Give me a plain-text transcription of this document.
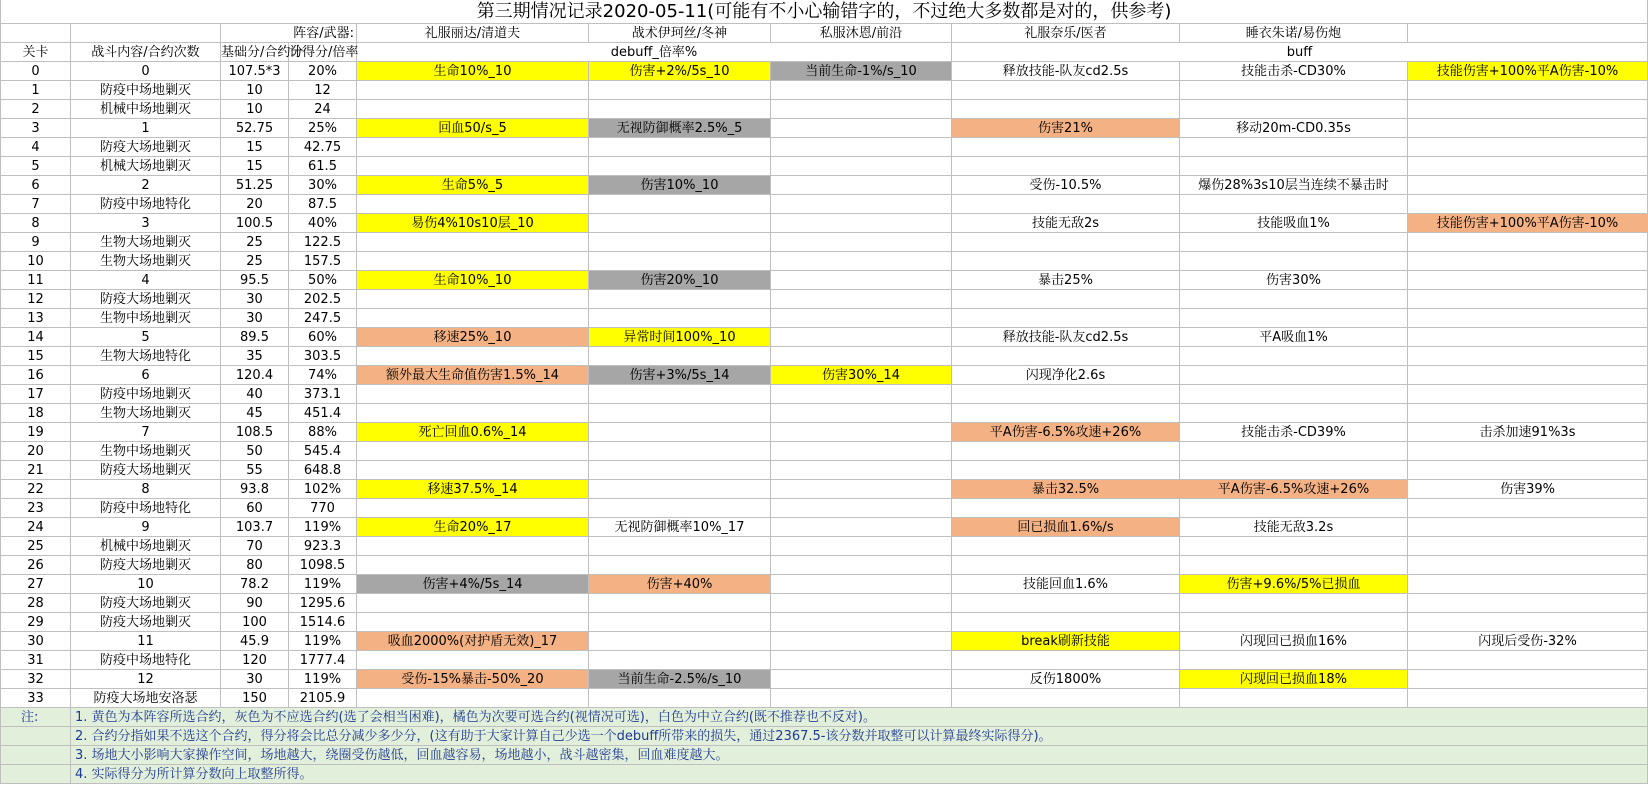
第三期情况记录2020-05-11(可能有不小心输错字的，不过绝大多数都是对的，供参考)									
		阵容/武器:		礼服丽达/清道夫	战术伊珂丝/冬神	私服沐恩/前沿	礼服奈乐/医者	睡衣朱诺/易伤炮	
关卡	战斗内容/合约次数	基础分/合约分	计得分/倍率	debuff_倍率%			buff		
0	0	107.5*3	20%	生命10%_10	伤害+2%/5s_10	当前生命-1%/s_10	释放技能-队友cd2.5s	技能击杀-CD30%	技能伤害+100%平A伤害-10%
1	防疫中场地剿灭	10	12						
2	机械中场地剿灭	10	24						
3	1	52.75	25%	回血50/s_5	无视防御概率2.5%_5		伤害21%	移动20m-CD0.35s	
4	防疫大场地剿灭	15	42.75						
5	机械大场地剿灭	15	61.5						
6	2	51.25	30%	生命5%_5	伤害10%_10		受伤-10.5%	爆伤28%3s10层当连续不暴击时	
7	防疫中场地特化	20	87.5						
8	3	100.5	40%	易伤4%10s10层_10			技能无敌2s	技能吸血1%	技能伤害+100%平A伤害-10%
9	生物大场地剿灭	25	122.5						
10	生物大场地剿灭	25	157.5						
11	4	95.5	50%	生命10%_10	伤害20%_10		暴击25%	伤害30%	
12	防疫大场地剿灭	30	202.5						
13	生物中场地剿灭	30	247.5						
14	5	89.5	60%	移速25%_10	异常时间100%_10		释放技能-队友cd2.5s	平A吸血1%	
15	生物大场地特化	35	303.5						
16	6	120.4	74%	额外最大生命值伤害1.5%_14	伤害+3%/5s_14	伤害30%_14	闪现净化2.6s		
17	防疫中场地剿灭	40	373.1						
18	生物大场地剿灭	45	451.4						
19	7	108.5	88%	死亡回血0.6%_14			平A伤害-6.5%攻速+26%	技能击杀-CD39%	击杀加速91%3s
20	生物中场地剿灭	50	545.4						
21	防疫大场地剿灭	55	648.8						
22	8	93.8	102%	移速37.5%_14			暴击32.5%	平A伤害-6.5%攻速+26%	伤害39%
23	防疫中场地特化	60	770						
24	9	103.7	119%	生命20%_17	无视防御概率10%_17		回已损血1.6%/s	技能无敌3.2s	
25	机械中场地剿灭	70	923.3						
26	防疫大场地剿灭	80	1098.5						
27	10	78.2	119%	伤害+4%/5s_14	伤害+40%		技能回血1.6%	伤害+9.6%/5%已损血	
28	防疫大场地剿灭	90	1295.6						
29	防疫大场地剿灭	100	1514.6						
30	11	45.9	119%	吸血2000%(对护盾无效)_17			break刷新技能	闪现回已损血16%	闪现后受伤-32%
31	防疫中场地特化	120	1777.4						
32	12	30	119%	受伤-15%暴击-50%_20	当前生命-2.5%/s_10		反伤1800%	闪现回已损血18%	
33	防疫大场地安洛瑟	150	2105.9						
注:	1. 黄色为本阵容所选合约，灰色为不应选合约(选了会相当困难)，橘色为次要可选合约(视情况可选)，白色为中立合约(既不推荐也不反对)。								
	2. 合约分指如果不选这个合约，得分将会比总分减少多少分，(这有助于大家计算自己少选一个debuff所带来的损失，通过2367.5-该分数并取整可以计算最终实际得分)。								
	3. 场地大小影响大家操作空间，场地越大，绕圈受伤越低，回血越容易，场地越小，战斗越密集，回血难度越大。								
	4. 实际得分为所计算分数向上取整所得。								
